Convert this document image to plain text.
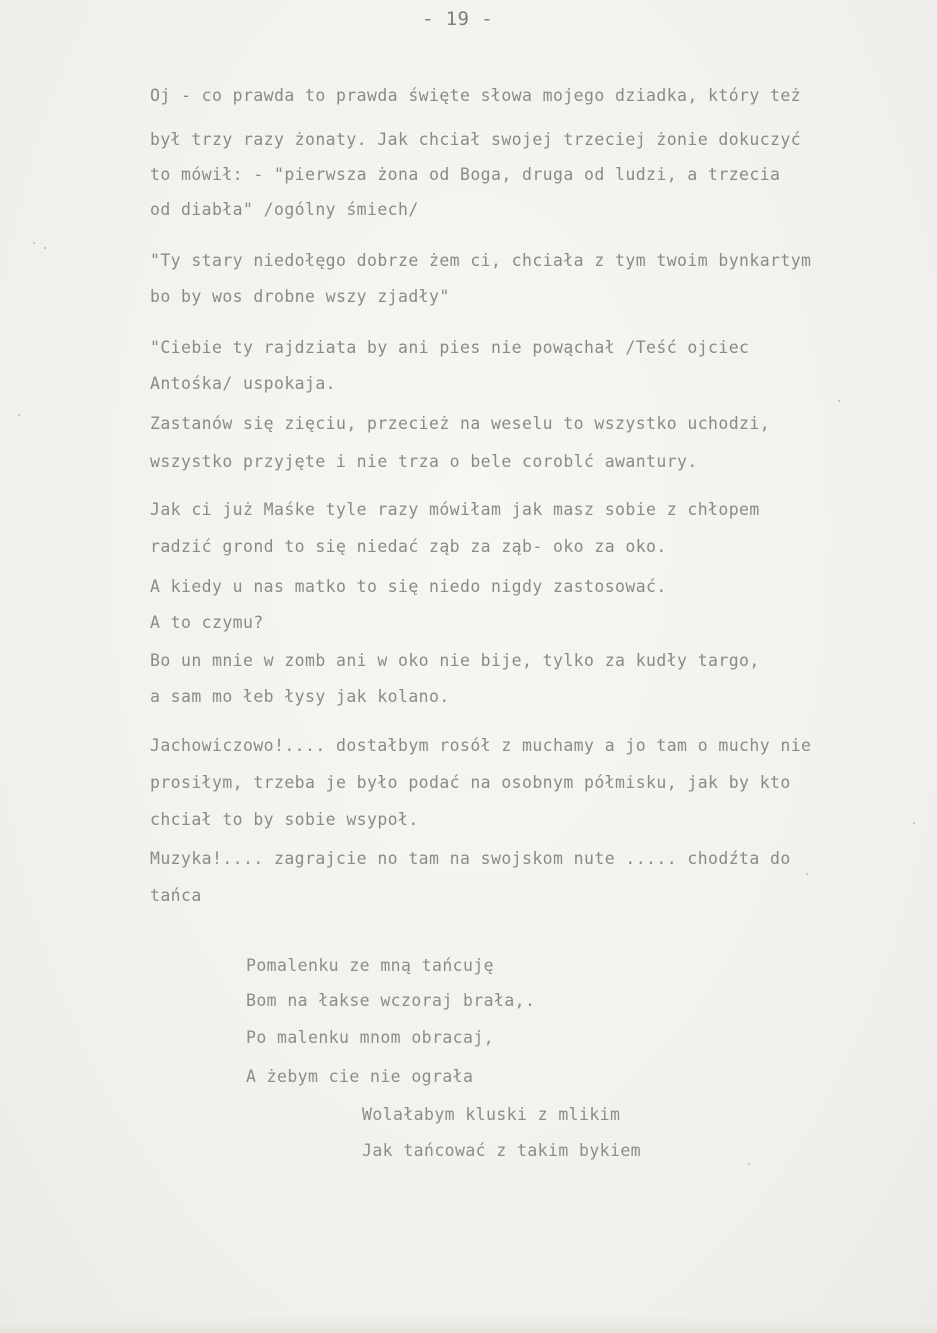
- 19 -
Oj - co prawda to prawda święte słowa mojego dziadka, który też
był trzy razy żonaty. Jak chciał swojej trzeciej żonie dokuczyć
to mówił: - "pierwsza żona od Boga, druga od ludzi, a trzecia
od diabła" /ogólny śmiech/
"Ty stary niedołęgo dobrze żem ci, chciała z tym twoim bynkartym
bo by wos drobne wszy zjadły"
"Ciebie ty rajdziata by ani pies nie powąchał /Teść ojciec
Antośka/ uspokaja.
Zastanów się zięciu, przecież na weselu to wszystko uchodzi,
wszystko przyjęte i nie trza o bele coroblć awantury.
Jak ci już Maśke tyle razy mówiłam jak masz sobie z chłopem
radzić grond to się niedać ząb za ząb- oko za oko.
A kiedy u nas matko to się niedo nigdy zastosować.
A to czymu?
Bo un mnie w zomb ani w oko nie bije, tylko za kudły targo,
a sam mo łeb łysy jak kolano.
Jachowiczowo!.... dostałbym rosół z muchamy a jo tam o muchy nie
prosiłym, trzeba je było podać na osobnym półmisku, jak by kto
chciał to by sobie wsypoł.
Muzyka!.... zagrajcie no tam na swojskom nute ..... chodźta do
tańca
Pomalenku ze mną tańcuję
Bom na łakse wczoraj brała,.
Po malenku mnom obracaj,
A żebym cie nie ograła
Wolałabym kluski z mlikim
Jak tańcować z takim bykiem
